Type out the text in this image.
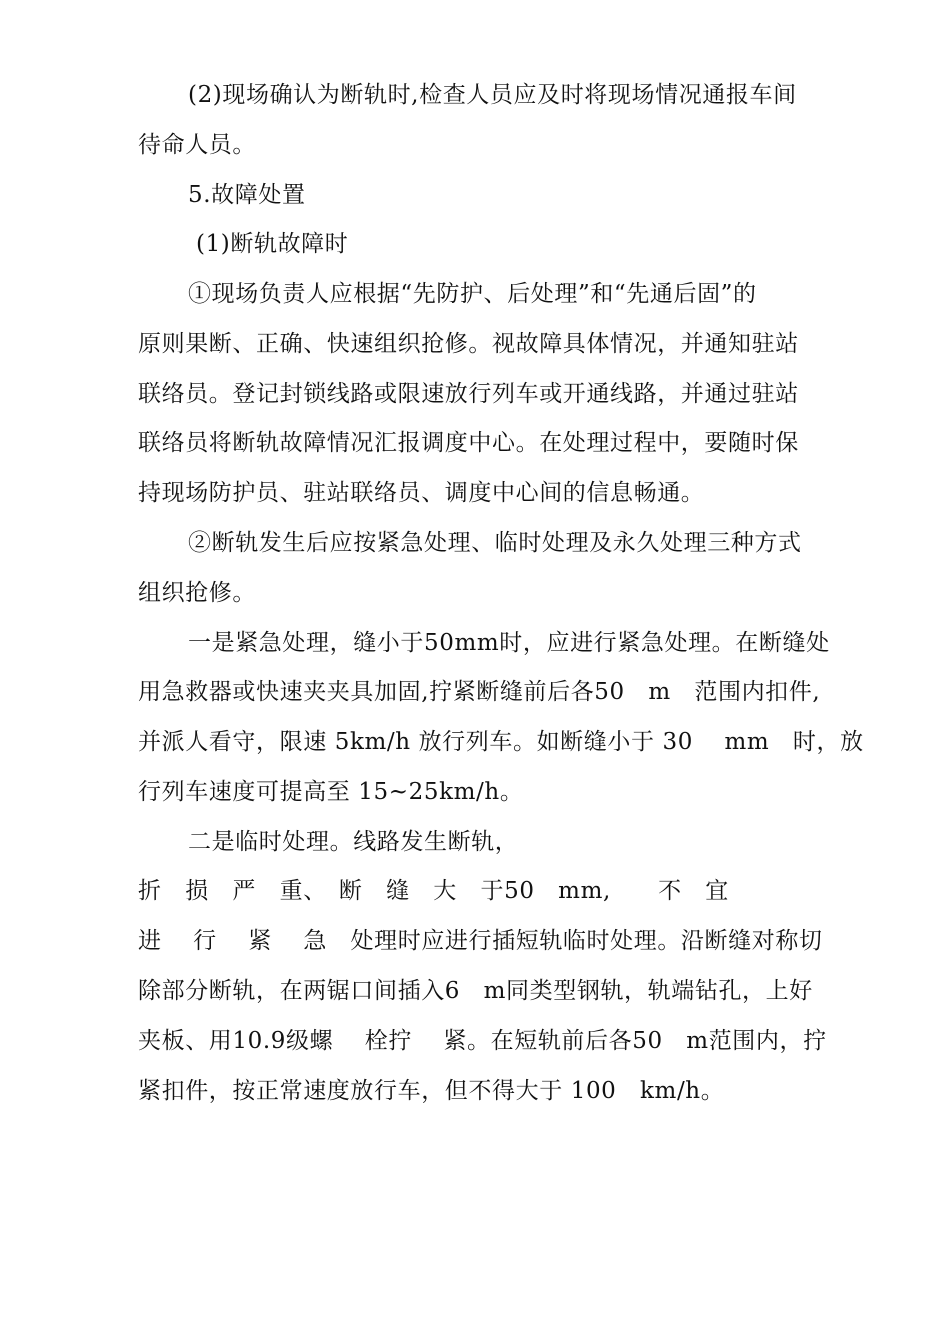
(2)现场确认为断轨时,检查人员应及时将现场情况通报车间
待命人员。
5.故障处置
(1)断轨故障时
①现场负责人应根据“先防护、后处理”和“先通后固”的
原则果断、正确、快速组织抢修。视故障具体情况，并通知驻站
联络员。登记封锁线路或限速放行列车或开通线路，并通过驻站
联络员将断轨故障情况汇报调度中心。在处理过程中，要随时保
持现场防护员、驻站联络员、调度中心间的信息畅通。
②断轨发生后应按紧急处理、临时处理及永久处理三种方式
组织抢修。
一是紧急处理，缝小于50mm时，应进行紧急处理。在断缝处
用急救器或快速夹夹具加固,拧紧断缝前后各50　m　范围内扣件,
并派人看守，限速 5km/h 放行列车。如断缝小于 30　 mm　时，放
行列车速度可提高至 15~25km/h。
二是临时处理。线路发生断轨，
折　损　严　重、　断　缝　大　于50　mm,　　不　宜
进　 行　 紧　 急　处理时应进行插短轨临时处理。沿断缝对称切
除部分断轨，在两锯口间插入6　m同类型钢轨，轨端钻孔，上好
夹板、用10.9级螺　 栓拧　 紧。在短轨前后各50　m范围内，拧
紧扣件，按正常速度放行车，但不得大于 100　km/h。
